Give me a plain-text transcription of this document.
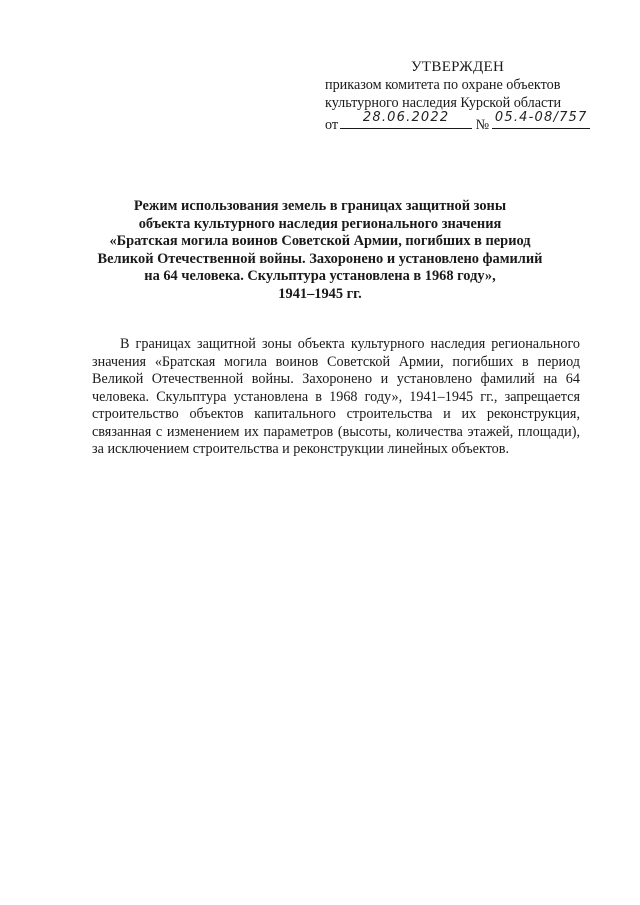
УТВЕРЖДЕН
приказом комитета по охране объектов
культурного наследия Курской области
от	28.06.2022	№ 05.4-08/757
Режим использования земель в границах защитной зоны
объекта культурного наследия регионального значения
«Братская могила воинов Советской Армии, погибших в период
Великой Отечественной войны. Захоронено и установлено фамилий
на 64 человека. Скульптура установлена в 1968 году»,
1941–1945 гг.
В границах защитной зоны объекта культурного наследия регионального значения «Братская могила воинов Советской Армии, погибших в период Великой Отечественной войны. Захоронено и установлено фамилий на 64 человека. Скульптура установлена в 1968 году», 1941–1945 гг., запрещается строительство объектов капитального строительства и их реконструкция, связанная с изменением их параметров (высоты, количества этажей, площади), за исключением строительства и реконструкции линейных объектов.
